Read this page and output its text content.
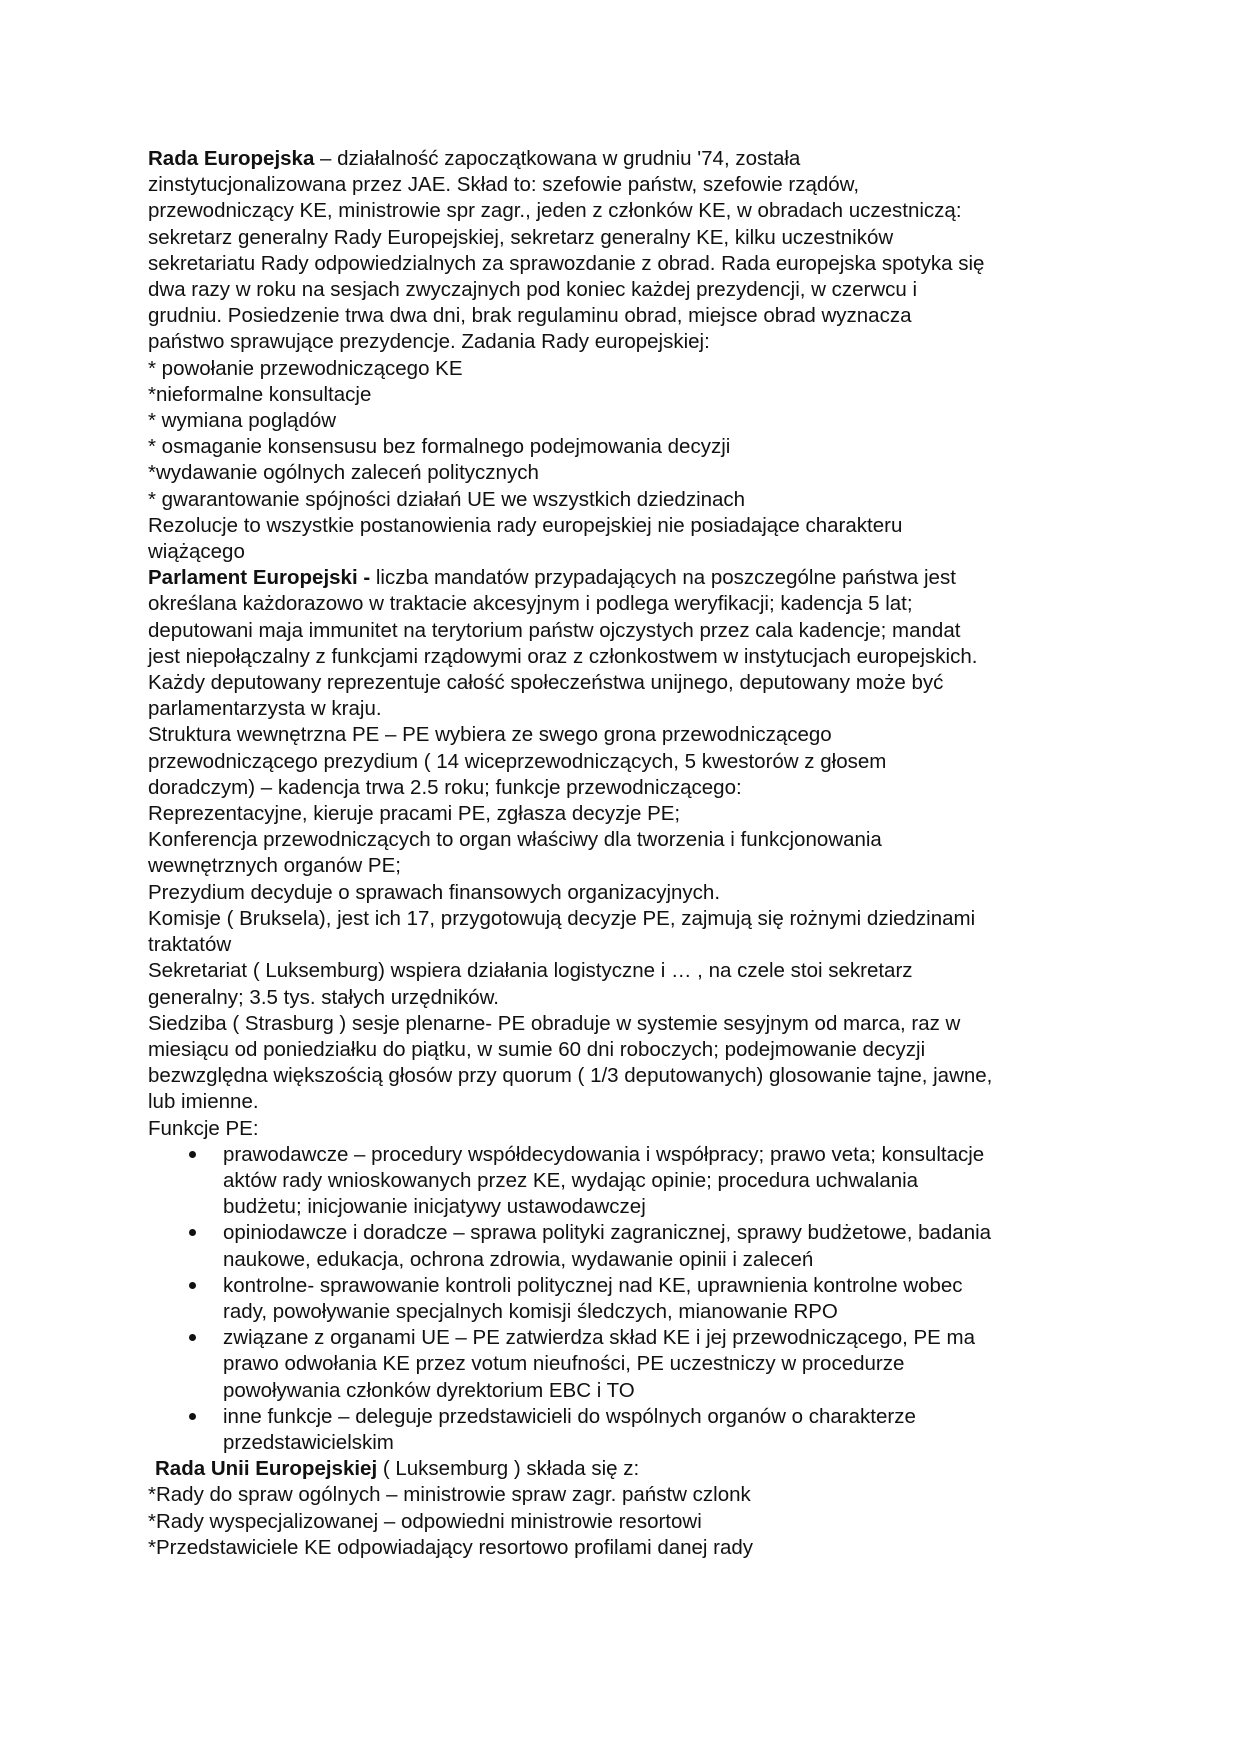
Rada Europejska – działalność zapoczątkowana w grudniu '74, została
zinstytucjonalizowana przez JAE. Skład to: szefowie państw, szefowie rządów,
przewodniczący KE, ministrowie spr zagr., jeden z członków KE, w obradach uczestniczą:
sekretarz generalny Rady Europejskiej, sekretarz generalny KE, kilku uczestników
sekretariatu Rady odpowiedzialnych za sprawozdanie z obrad. Rada europejska spotyka się
dwa razy w roku na sesjach zwyczajnych pod koniec każdej prezydencji, w czerwcu i
grudniu. Posiedzenie trwa dwa dni, brak regulaminu obrad, miejsce obrad wyznacza
państwo sprawujące prezydencje. Zadania Rady europejskiej:
* powołanie przewodniczącego KE
*nieformalne konsultacje
* wymiana poglądów
* osmaganie konsensusu bez formalnego podejmowania decyzji
*wydawanie ogólnych zaleceń politycznych
* gwarantowanie spójności działań UE we wszystkich dziedzinach
Rezolucje to wszystkie postanowienia rady europejskiej nie posiadające charakteru
wiążącego
Parlament Europejski - liczba mandatów przypadających na poszczególne państwa jest
określana każdorazowo w traktacie akcesyjnym i podlega weryfikacji; kadencja 5 lat;
deputowani maja immunitet na terytorium państw ojczystych przez cala kadencje; mandat
jest niepołączalny z funkcjami rządowymi oraz z członkostwem w instytucjach europejskich.
Każdy deputowany reprezentuje całość społeczeństwa unijnego, deputowany może być
parlamentarzysta w kraju.
Struktura wewnętrzna PE – PE wybiera ze swego grona przewodniczącego
przewodniczącego prezydium ( 14 wiceprzewodniczących, 5 kwestorów z głosem
doradczym) – kadencja trwa 2.5 roku; funkcje przewodniczącego:
Reprezentacyjne, kieruje pracami PE, zgłasza decyzje PE;
Konferencja przewodniczących to organ właściwy dla tworzenia i funkcjonowania
wewnętrznych organów PE;
Prezydium decyduje o sprawach finansowych organizacyjnych.
Komisje ( Bruksela), jest ich 17, przygotowują decyzje PE, zajmują się rożnymi dziedzinami
traktatów
Sekretariat ( Luksemburg) wspiera działania logistyczne i … , na czele stoi sekretarz
generalny; 3.5 tys. stałych urzędników.
Siedziba ( Strasburg ) sesje plenarne- PE obraduje w systemie sesyjnym od marca, raz w
miesiącu od poniedziałku do piątku, w sumie 60 dni roboczych; podejmowanie decyzji
bezwzględna większością głosów przy quorum ( 1/3 deputowanych) glosowanie tajne, jawne,
lub imienne.
Funkcje PE:
prawodawcze – procedury współdecydowania i współpracy; prawo veta; konsultacje
aktów rady wnioskowanych przez KE, wydając opinie; procedura uchwalania
budżetu; inicjowanie inicjatywy ustawodawczej
opiniodawcze i doradcze – sprawa polityki zagranicznej, sprawy budżetowe, badania
naukowe, edukacja, ochrona zdrowia, wydawanie opinii i zaleceń
kontrolne- sprawowanie kontroli politycznej nad KE, uprawnienia kontrolne wobec
rady, powoływanie specjalnych komisji śledczych, mianowanie RPO
związane z organami UE – PE zatwierdza skład KE i jej przewodniczącego, PE ma
prawo odwołania KE przez votum nieufności, PE uczestniczy w procedurze
powoływania członków dyrektorium EBC i TO
inne funkcje – deleguje przedstawicieli do wspólnych organów o charakterze
przedstawicielskim
Rada Unii Europejskiej ( Luksemburg ) składa się z:
*Rady do spraw ogólnych – ministrowie spraw zagr. państw czlonk
*Rady wyspecjalizowanej – odpowiedni ministrowie resortowi
*Przedstawiciele KE odpowiadający resortowo profilami danej rady
